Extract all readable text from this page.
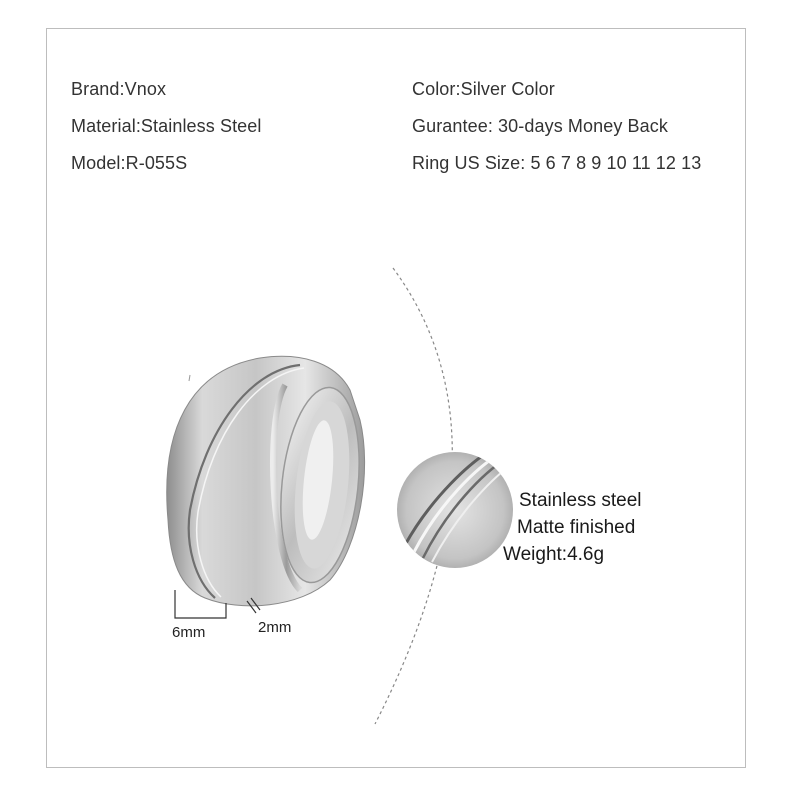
Brand:Vnox
Material:Stainless Steel
Model:R-055S
Color:Silver Color
Gurantee: 30-days Money Back
Ring US Size: 5 6 7 8 9 10 11 12 13
Stainless steel
Matte finished
Weight:4.6g
6mm	2mm
